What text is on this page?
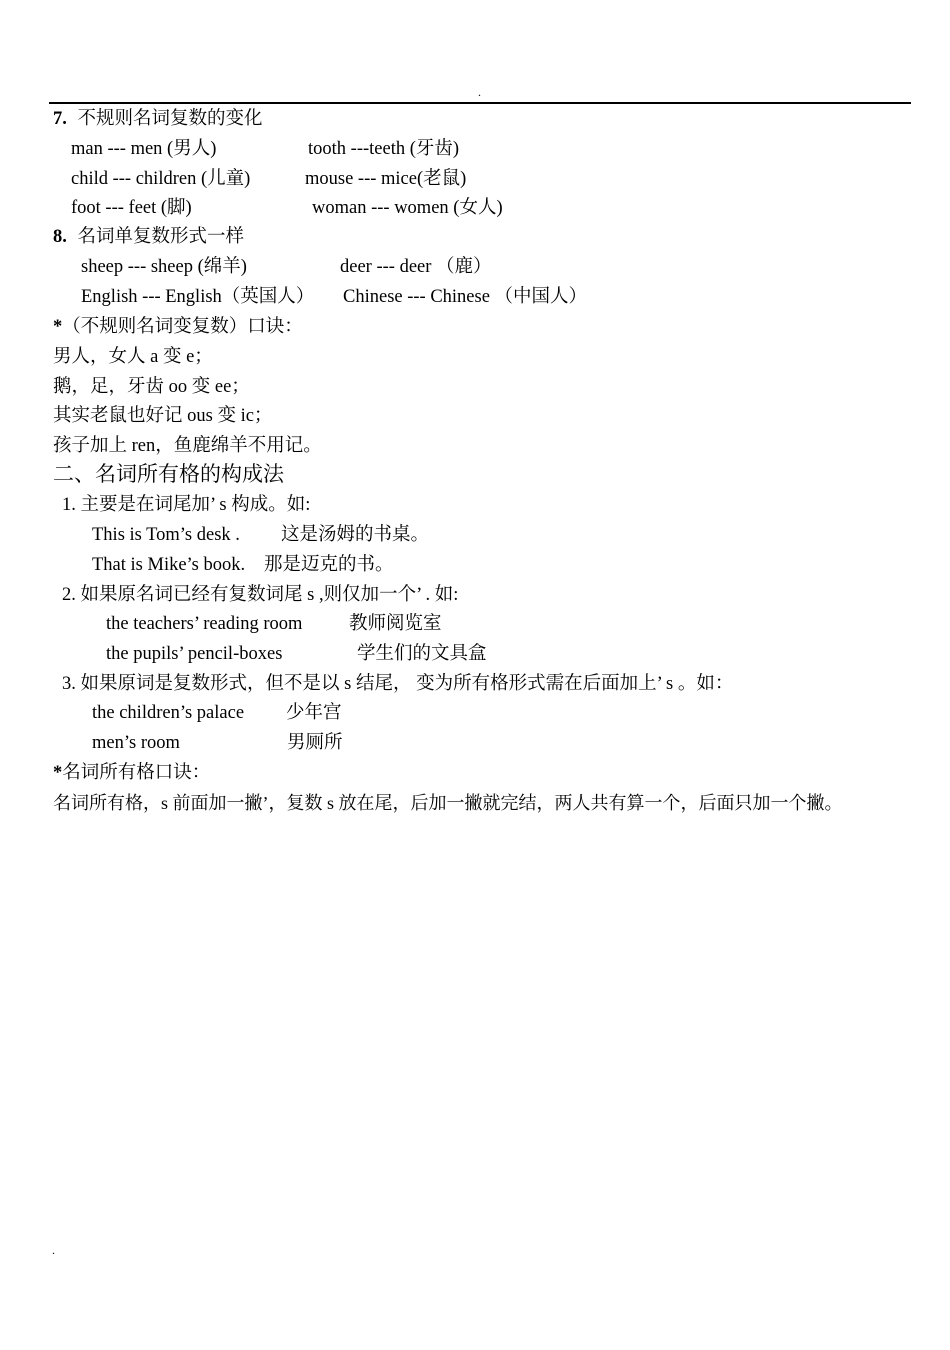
.
7. 不规则名词复数的变化
man --- men (男人)	tooth ---teeth (牙齿)
child --- children (儿童)	mouse --- mice(老鼠)
foot --- feet (脚)	woman --- women (女人)
8. 名词单复数形式一样
sheep --- sheep (绵羊)	deer --- deer （鹿）
English --- English（英国人） Chinese --- Chinese （中国人）
*（不规则名词变复数）口诀：
男人，女人 a 变 e；
鹅，足，牙齿 oo 变 ee；
其实老鼠也好记 ous 变 ic；
孩子加上 ren，鱼鹿绵羊不用记。
二、名词所有格的构成法
1. 主要是在词尾加’ s 构成。如:
This is Tom’s desk . 这是汤姆的书桌。
That is Mike’s book. 那是迈克的书。
2. 如果原名词已经有复数词尾 s ,则仅加一个’ . 如:
the teachers’ reading room	教师阅览室
the pupils’ pencil-boxes	学生们的文具盒
3. 如果原词是复数形式，但不是以 s 结尾， 变为所有格形式需在后面加上’ s 。如：
the children’s palace 少年宫
men’s room	男厕所
*名词所有格口诀：
名词所有格，s 前面加一撇’，复数 s 放在尾，后加一撇就完结，两人共有算一个，后面只加一个撇。
.
